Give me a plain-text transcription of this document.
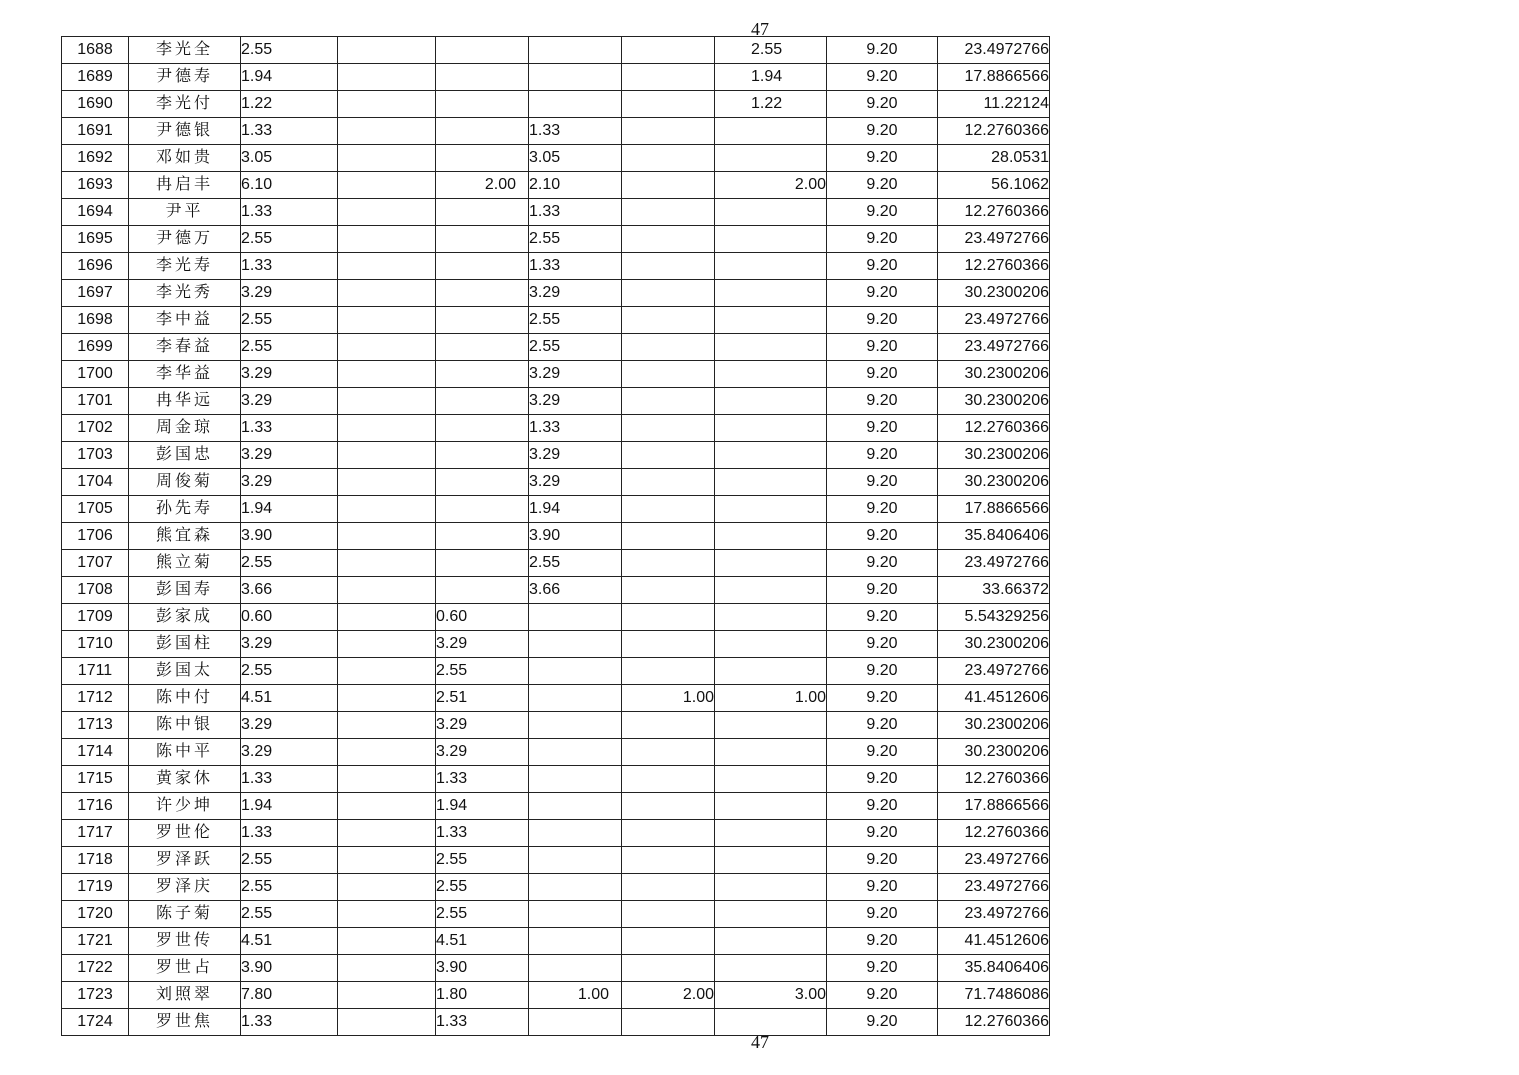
47
1688	李光全	2.55					2.55	9.20	23.4972766
1689	尹德寿	1.94					1.94	9.20	17.8866566
1690	李光付	1.22					1.22	9.20	11.22124
1691	尹德银	1.33			1.33			9.20	12.2760366
1692	邓如贵	3.05			3.05			9.20	28.0531
1693	冉启丰	6.10		2.00	2.10		2.00	9.20	56.1062
1694	尹平	1.33			1.33			9.20	12.2760366
1695	尹德万	2.55			2.55			9.20	23.4972766
1696	李光寿	1.33			1.33			9.20	12.2760366
1697	李光秀	3.29			3.29			9.20	30.2300206
1698	李中益	2.55			2.55			9.20	23.4972766
1699	李春益	2.55			2.55			9.20	23.4972766
1700	李华益	3.29			3.29			9.20	30.2300206
1701	冉华远	3.29			3.29			9.20	30.2300206
1702	周金琼	1.33			1.33			9.20	12.2760366
1703	彭国忠	3.29			3.29			9.20	30.2300206
1704	周俊菊	3.29			3.29			9.20	30.2300206
1705	孙先寿	1.94			1.94			9.20	17.8866566
1706	熊宜森	3.90			3.90			9.20	35.8406406
1707	熊立菊	2.55			2.55			9.20	23.4972766
1708	彭国寿	3.66			3.66			9.20	33.66372
1709	彭家成	0.60		0.60				9.20	5.54329256
1710	彭国柱	3.29		3.29				9.20	30.2300206
1711	彭国太	2.55		2.55				9.20	23.4972766
1712	陈中付	4.51		2.51		1.00	1.00	9.20	41.4512606
1713	陈中银	3.29		3.29				9.20	30.2300206
1714	陈中平	3.29		3.29				9.20	30.2300206
1715	黄家休	1.33		1.33				9.20	12.2760366
1716	许少坤	1.94		1.94				9.20	17.8866566
1717	罗世伦	1.33		1.33				9.20	12.2760366
1718	罗泽跃	2.55		2.55				9.20	23.4972766
1719	罗泽庆	2.55		2.55				9.20	23.4972766
1720	陈子菊	2.55		2.55				9.20	23.4972766
1721	罗世传	4.51		4.51				9.20	41.4512606
1722	罗世占	3.90		3.90				9.20	35.8406406
1723	刘照翠	7.80		1.80	1.00	2.00	3.00	9.20	71.7486086
1724	罗世焦	1.33		1.33				9.20	12.2760366
47
